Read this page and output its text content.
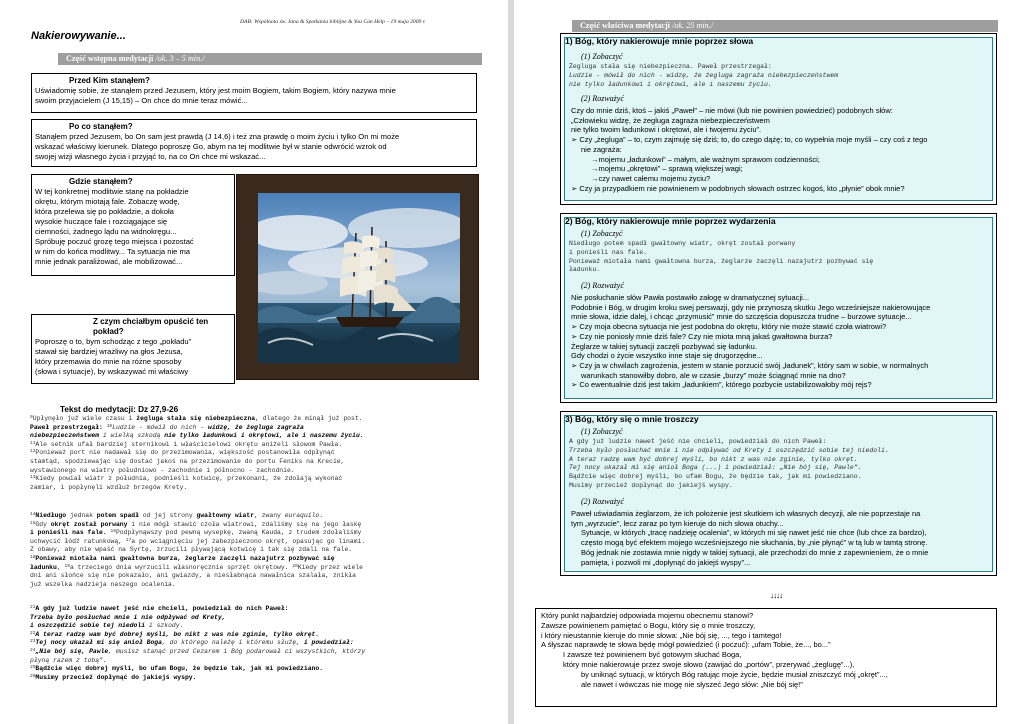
DAB: Wspólnota św. Jana & Spotkania biblijne & You Can Help – 19 maja 2009 r.
Nakierowywanie...
Część wstępna medytacji /ok. 3 – 5 min./
Przed Kim stanąłem?
Uświadomię sobie, że stanąłem przed Jezusem, który jest moim Bogiem, takim Bogiem, który nazywa mnie
swoim przyjacielem (J 15,15) – On chce do mnie teraz mówić...
Po co stanąłem?
Stanąłem przed Jezusem, bo On sam jest prawdą (J 14,6) i też zna prawdę o moim życiu i tylko On mi może
wskazać właściwy kierunek. Dlatego poproszę Go, abym na tej modlitwie był w stanie odwrócić wzrok od
swojej wizji własnego życia i przyjąć to, na co On chce mi wskazać...
Gdzie stanąłem?
W tej konkretnej modlitwie stanę na pokładzie
okrętu, którym miotają fale. Zobaczę wodę,
która przelewa się po pokładzie, a dokoła
wysokie huczące fale i rozciągające się
ciemności, żadnego lądu na widnokręgu...
Spróbuję poczuć grozę tego miejsca i pozostać
w nim do końca modlitwy... Ta sytuacja nie ma
mnie jednak paraliżować, ale mobilizować...
Z czym chciałbym opuścić ten pokład?
Poproszę o to, bym schodząc z tego „pokładu”
stawał się bardziej wrażliwy na głos Jezusa,
który przemawia do mnie na różne sposoby
(słowa i sytuacje), by wskazywać mi właściwy
Tekst do medytacji: Dz 27,9-26
$^9$Upłynęło już wiele czasu i żegluga stała się niebezpieczna, dlatego że minął już post.
Paweł przestrzegał: $^{10}$Ludzie - mówił do nich - widzę, że żegluga zagraża
niebezpieczeństwem i wielką szkodą nie tylko ładunkowi i okrętowi, ale i naszemu życiu.
$^{11}$Ale setnik ufał bardziej sternikowi i właścicielowi okrętu aniżeli słowom Pawła.
$^{12}$Ponieważ port nie nadawał się do przezimowania, większość postanowiła odpłynąć
stamtąd, spodziewając się dostać jakoś na przezimowanie do portu Feniks na Krecie,
wystawionego na wiatry południowo - zachodnie i północno - zachodnie.
$^{13}$Kiedy powiał wiatr z południa, podnieśli kotwicę, przekonani, że zdołają wykonać
zamiar, i popłynęli wzdłuż brzegów Krety.
$^{14}$Niedługo jednak potem spadł od jej strony gwałtowny wiatr, zwany euraquilo.
$^{15}$Gdy okręt został porwany i nie mógł stawić czoła wiatrowi, zdaliśmy się na jego łaskę
i ponieśli nas fale. $^{16}$Podpłynąwszy pod pewną wysepkę, zwaną Kauda, z trudem zdołaliśmy
uchwycić łódź ratunkową, $^{17}$a po wciągnięciu jej zabezpieczono okręt, opasując go linami.
Z obawy, aby nie wpaść na Syrtę, zrzucili pływającą kotwicę i tak się zdali na fale.
$^{18}$Ponieważ miotała nami gwałtowna burza, żeglarze zaczęli nazajutrz pozbywać się
ładunku, $^{19}$a trzeciego dnia wyrzucili własnoręcznie sprzęt okrętowy. $^{20}$Kiedy przez wiele
dni ani słońce się nie pokazało, ani gwiazdy, a niesłabnąca nawałnica szalała, znikła
już wszelka nadzieja naszego ocalenia.
$^{21}$A gdy już ludzie nawet jeść nie chcieli, powiedział do nich Paweł:
Trzeba było posłuchać mnie i nie odpływać od Krety,
i oszczędzić sobie tej niedoli i szkody.
$^{22}$A teraz radzę wam być dobrej myśli, bo nikt z was nie zginie, tylko okręt.
$^{23}$Tej nocy ukazał mi się anioł Boga, do którego należę i któremu służę, i powiedział:
$^{24}$„Nie bój się, Pawle, musisz stanąć przed Cezarem i Bóg podarował ci wszystkich, którzy
płyną razem z tobą”.
$^{25}$Bądźcie więc dobrej myśli, bo ufam Bogu, że będzie tak, jak mi powiedziano.
$^{26}$Musimy przecież dopłynąć do jakiejś wyspy.
Część właściwa medytacji /ok. 25 min./
1) Bóg, który nakierowuje mnie poprzez słowa
(1) Zobaczyć
Żegluga stała się niebezpieczna. Paweł przestrzegał:
Ludzie - mówił do nich - widzę, że żegluga zagraża niebezpieczeństwem
nie tylko ładunkowi i okrętowi, ale i naszemu życiu.
(2) Rozważyć
Czy do mnie dziś, ktoś – jakiś „Paweł” – nie mówi (lub nie powinien powiedzieć) podobnych słów:
„Człowieku widzę, że żegluga zagraża niebezpieczeństwem
nie tylko twoim ładunkowi i okrętowi, ale i twojemu życiu”.
➢ Czy „żegluga” – to, czym zajmuję się dziś; to, do czego dążę; to, co wypełnia moje myśli – czy coś z tego
nie zagraża:
→mojemu „ładunkowi” – małym, ale ważnym sprawom codzienności;
→mojemu „okrętowi” – sprawą większej wagi;
→czy nawet całemu mojemu życiu?
➢ Czy ja przypadkiem nie powinienem w podobnych słowach ostrzec kogoś, kto „płynie” obok mnie?
2) Bóg, który nakierowuje mnie poprzez wydarzenia
(1) Zobaczyć
Niedługo potem spadł gwałtowny wiatr, okręt został porwany
i ponieśli nas fale.
Ponieważ miotała nami gwałtowna burza, żeglarze zaczęli nazajutrz pozbywać się
ładunku.
(2) Rozważyć
Nie posłuchanie słów Pawła postawiło załogę w dramatycznej sytuacji...
Podobnie i Bóg, w drugim kroku swej perswazji, gdy nie przynoszą skutku Jego wcześniejsze nakierowujące
mnie słowa, idzie dalej, i chcąc „przymusić” mnie do szczęścia dopuszcza trudne – burzowe sytuacje...
➢ Czy moja obecna sytuacja nie jest podobna do okrętu, który nie może stawić czoła wiatrowi?
➢ Czy nie poniosły mnie dziś fale? Czy nie miota mną jakaś gwałtowna burza?
Żeglarze w takiej sytuacji zaczęli pozbywać się ładunku.
Gdy chodzi o życie wszystko inne staje się drugorzędne...
➢ Czy ja w chwilach zagrożenia, jestem w stanie porzucić swój „ładunek”, który sam w sobie, w normalnych
warunkach stanowiłby dobro, ale w czasie „burzy” może ściągnąć mnie na dno?
➢ Co ewentualnie dziś jest takim „ładunkiem”, którego pozbycie ustabilizowałoby mój rejs?
3) Bóg, który się o mnie troszczy
(1) Zobaczyć
A gdy już ludzie nawet jeść nie chcieli, powiedział do nich Paweł:
Trzeba było posłuchać mnie i nie odpływać od Krety i oszczędzić sobie tej niedoli.
A teraz radzę wam być dobrej myśli, bo nikt z was nie zginie, tylko okręt.
Tej nocy ukazał mi się anioł Boga (...) i powiedział: „Nie bój się, Pawle”.
Bądźcie więc dobrej myśli, bo ufam Bogu, że będzie tak, jak mi powiedziano.
Musimy przecież dopłynąć do jakiejś wyspy.
(2) Rozważyć
Paweł uświadamia żeglarzom, że ich położenie jest skutkiem ich własnych decyzji, ale nie poprzestaje na
tym „wyrzucie”, lecz zaraz po tym kieruje do nich słowa otuchy...
Sytuacje, w których „tracę nadzieję ocalenia”, w których mi się nawet jeść nie chce (lub chce za bardzo),
często mogą być efektem mojego wcześniejszego nie słuchania, by „nie płynąć” w tą lub w tamtą stronę.
Bóg jednak nie zostawia mnie nigdy w takiej sytuacji, ale przechodzi do mnie z zapewnieniem, że o mnie
pamięta, i pozwoli mi „dopłynąć do jakiejś wyspy”...
↓↓↓↓
Który punkt najbardziej odpowiada mojemu obecnemu stanowi?
Zawsze powinienem pamiętać o Bogu, który się o mnie troszczy,
i który nieustannie kieruje do mnie słowa: „Nie bój się, ..., tego i tamtego!
A śłyszac naprawdę te słowa będę mógł powiedzieć (i poczuć): „ufam Tobie, że..., bo...”
I zawsze też powinienem być gotowym słuchać Boga,
który mnie nakierowuje przez swoje słowo (zawijać do „portów”, przerywać „żeglugę”...),
by uniknąć sytuacji, w których Bóg ratując moje życie, będzie musiał zniszczyć mój „okręt”...,
ale nawet i wówczas nie mogę nie słyszeć Jego słów: „Nie bój się!”
